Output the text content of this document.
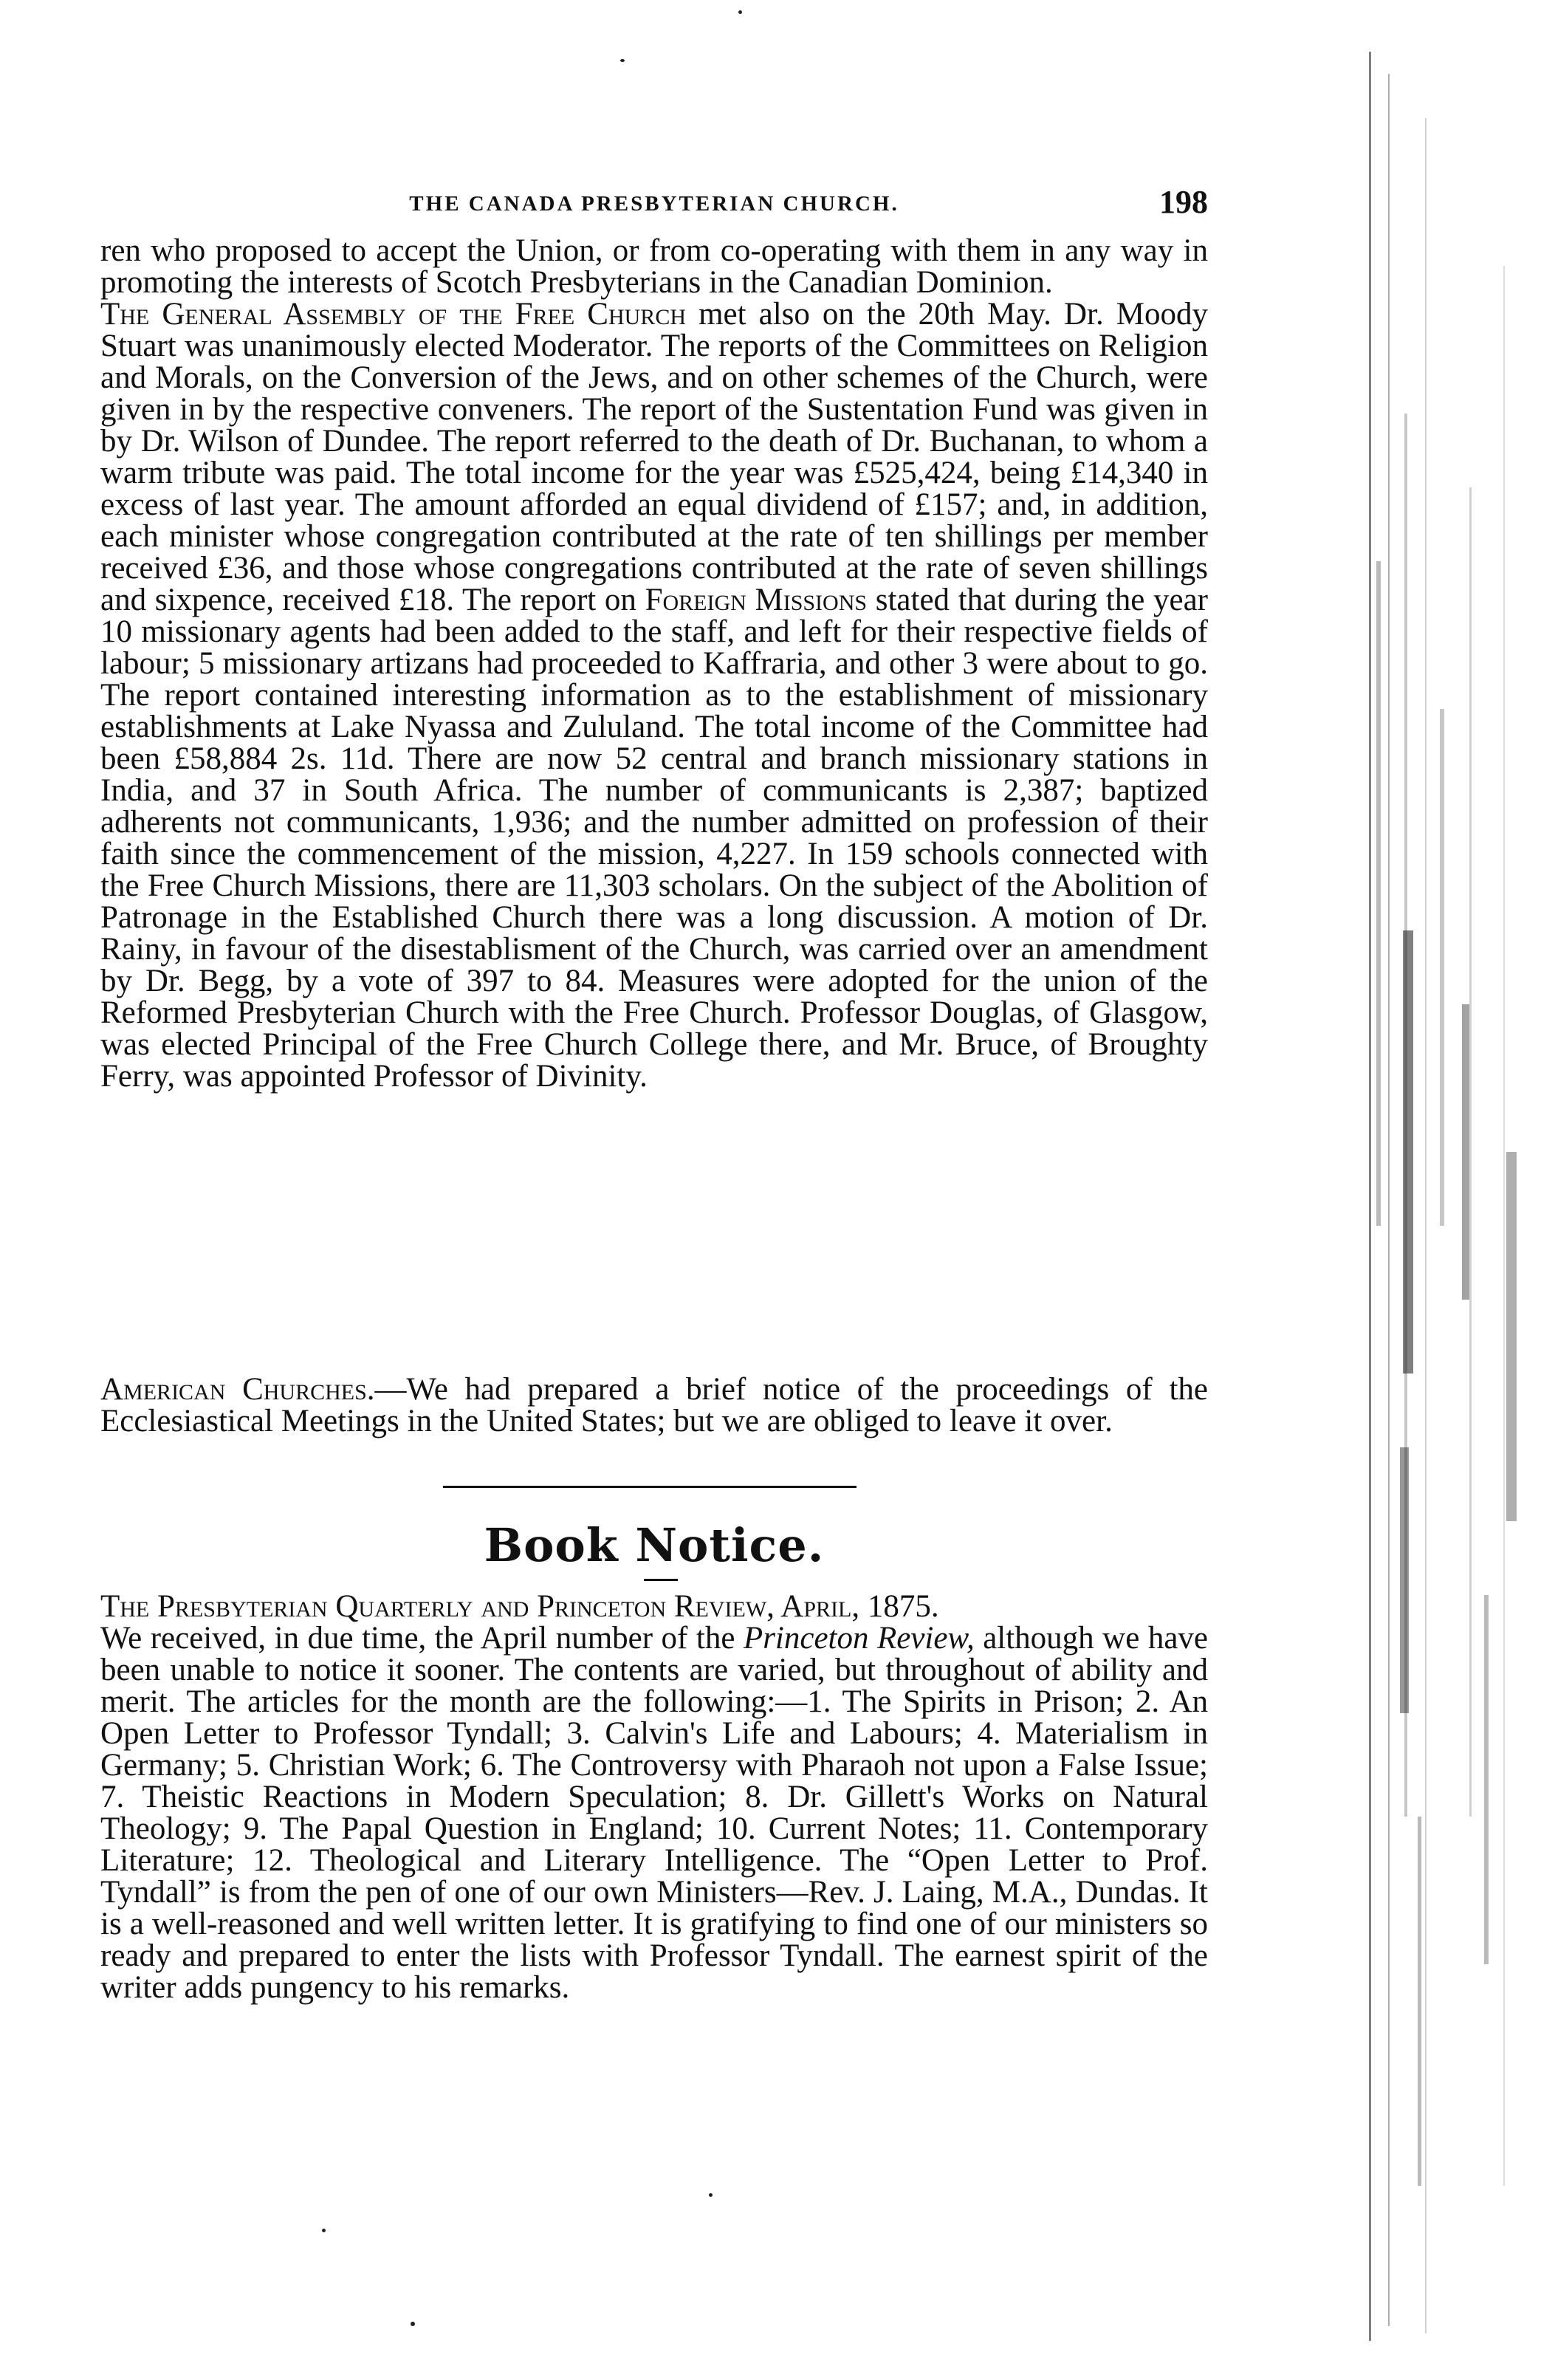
THE CANADA PRESBYTERIAN CHURCH.	198

ren who proposed to accept the Union, or from co-operating with them in any way in promoting the interests of Scotch Presbyterians in the Canadian Dominion.

The General Assembly of the Free Church met also on the 20th May. Dr. Moody Stuart was unanimously elected Moderator. The reports of the Committees on Religion and Morals, on the Conversion of the Jews, and on other schemes of the Church, were given in by the respective conveners. The report of the Sustentation Fund was given in by Dr. Wilson of Dundee. The report referred to the death of Dr. Buchanan, to whom a warm tribute was paid. The total income for the year was £525,424, being £14,340 in excess of last year. The amount afforded an equal dividend of £157; and, in addition, each minister whose congregation contributed at the rate of ten shillings per member received £36, and those whose congregations contributed at the rate of seven shillings and sixpence, received £18. The report on Foreign Missions stated that during the year 10 missionary agents had been added to the staff, and left for their respective fields of labour; 5 missionary artizans had proceeded to Kaffraria, and other 3 were about to go. The report contained interesting information as to the establishment of missionary establishments at Lake Nyassa and Zululand. The total income of the Committee had been £58,884 2s. 11d. There are now 52 central and branch missionary stations in India, and 37 in South Africa. The number of communicants is 2,387; baptized adherents not communicants, 1,936; and the number admitted on profession of their faith since the commencement of the mission, 4,227. In 159 schools connected with the Free Church Missions, there are 11,303 scholars. On the subject of the Abolition of Patronage in the Established Church there was a long discussion. A motion of Dr. Rainy, in favour of the disestablisment of the Church, was carried over an amendment by Dr. Begg, by a vote of 397 to 84. Measures were adopted for the union of the Reformed Presbyterian Church with the Free Church. Professor Douglas, of Glasgow, was elected Principal of the Free Church College there, and Mr. Bruce, of Broughty Ferry, was appointed Professor of Divinity.

American Churches.—We had prepared a brief notice of the proceedings of the Ecclesiastical Meetings in the United States; but we are obliged to leave it over.

Book Notice.

The Presbyterian Quarterly and Princeton Review, April, 1875.

We received, in due time, the April number of the Princeton Review, although we have been unable to notice it sooner. The contents are varied, but throughout of ability and merit. The articles for the month are the following:—1. The Spirits in Prison; 2. An Open Letter to Professor Tyndall; 3. Calvin's Life and Labours; 4. Materialism in Germany; 5. Christian Work; 6. The Controversy with Pharaoh not upon a False Issue; 7. Theistic Reactions in Modern Speculation; 8. Dr. Gillett's Works on Natural Theology; 9. The Papal Question in England; 10. Current Notes; 11. Contemporary Literature; 12. Theological and Literary Intelligence. The “Open Letter to Prof. Tyndall” is from the pen of one of our own Ministers—Rev. J. Laing, M.A., Dundas. It is a well-reasoned and well written letter. It is gratifying to find one of our ministers so ready and prepared to enter the lists with Professor Tyndall. The earnest spirit of the writer adds pungency to his remarks.
